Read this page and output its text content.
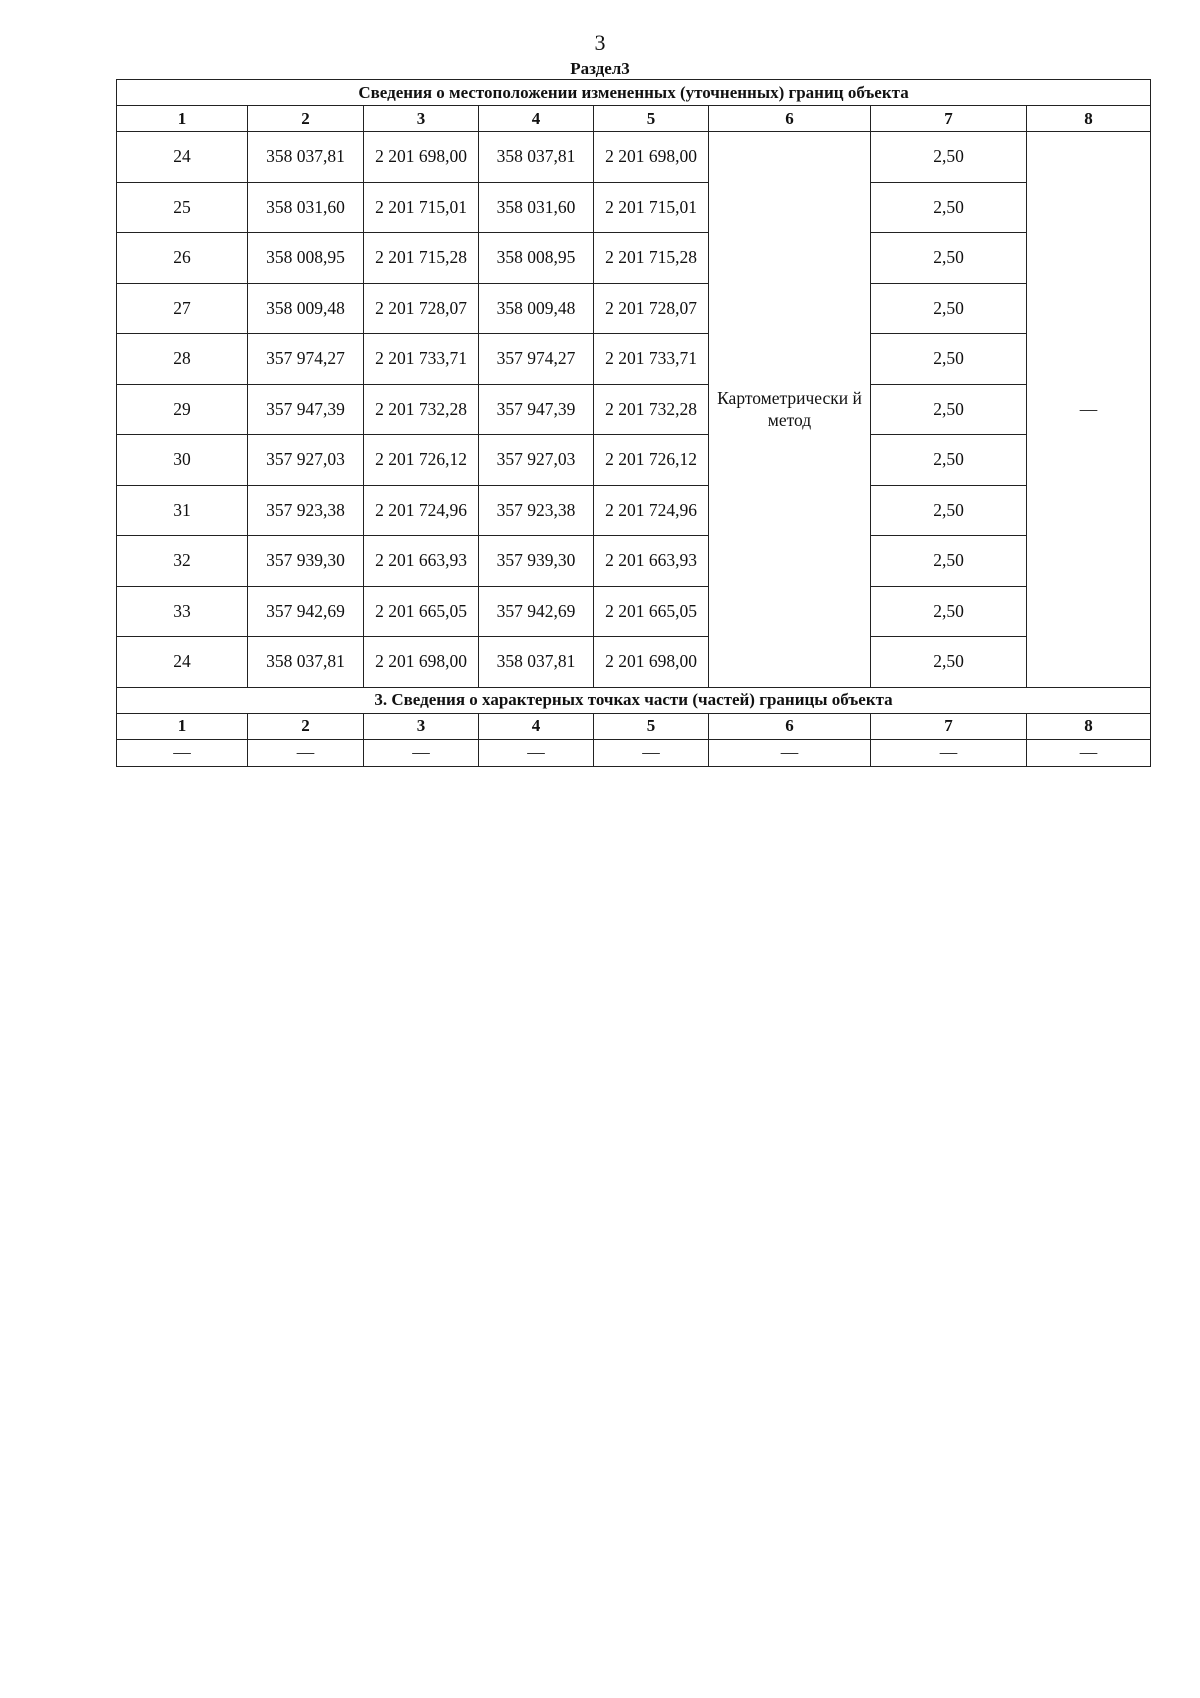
3
Раздел3
Сведения о местоположении измененных (уточненных) границ объекта							
1	2	3	4	5	6	7	8
24	358 037,81	2 201 698,00	358 037,81	2 201 698,00	Картометрически й метод	2,50	—
25	358 031,60	2 201 715,01	358 031,60	2 201 715,01		2,50	
26	358 008,95	2 201 715,28	358 008,95	2 201 715,28		2,50	
27	358 009,48	2 201 728,07	358 009,48	2 201 728,07		2,50	
28	357 974,27	2 201 733,71	357 974,27	2 201 733,71		2,50	
29	357 947,39	2 201 732,28	357 947,39	2 201 732,28		2,50	
30	357 927,03	2 201 726,12	357 927,03	2 201 726,12		2,50	
31	357 923,38	2 201 724,96	357 923,38	2 201 724,96		2,50	
32	357 939,30	2 201 663,93	357 939,30	2 201 663,93		2,50	
33	357 942,69	2 201 665,05	357 942,69	2 201 665,05		2,50	
24	358 037,81	2 201 698,00	358 037,81	2 201 698,00		2,50	
3. Сведения о характерных точках части (частей) границы объекта							
1	2	3	4	5	6	7	8
—	—	—	—	—	—	—	—
